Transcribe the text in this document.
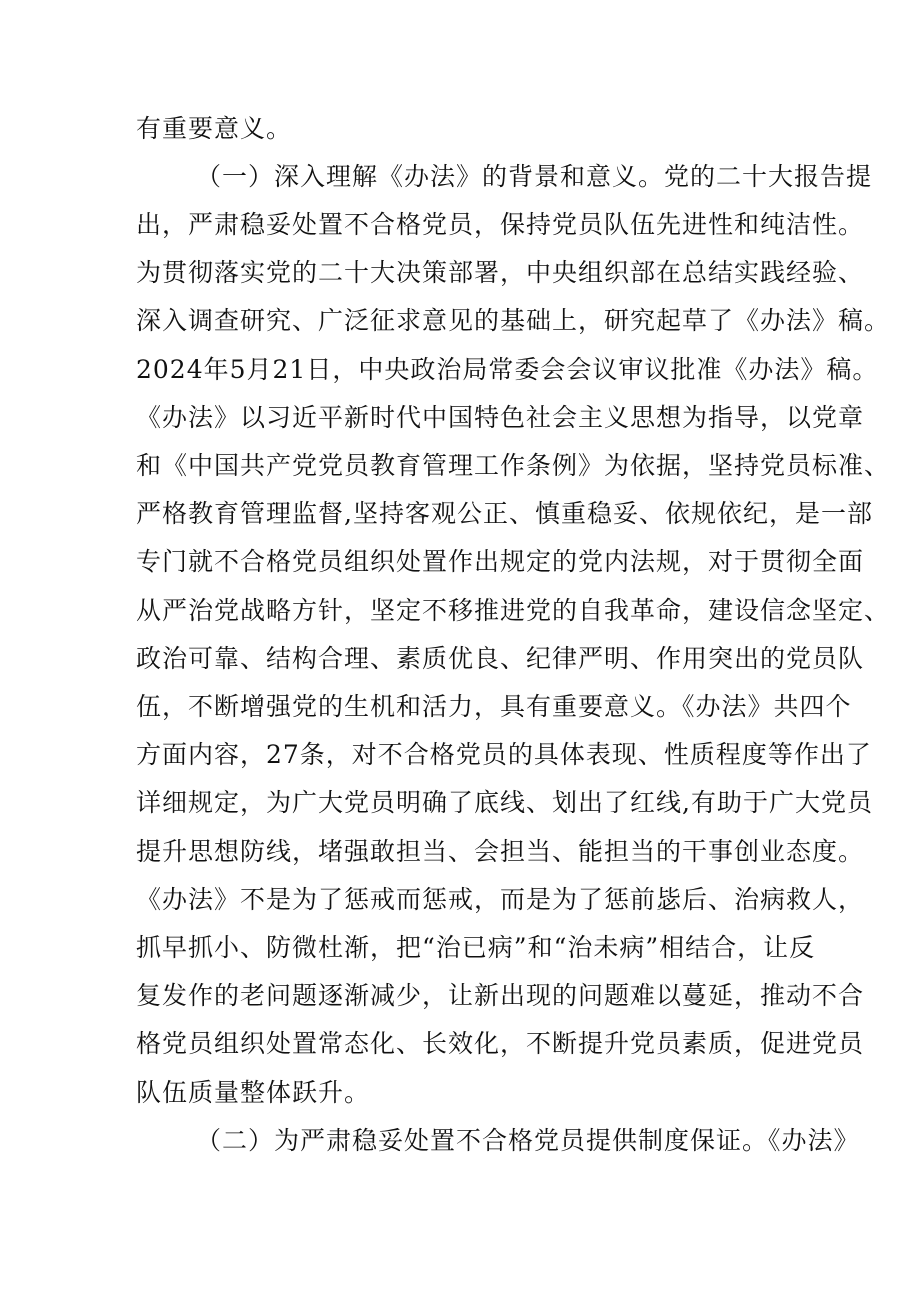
有重要意义。
（一）深入理解《办法》的背景和意义。党的二十大报告提
出，严肃稳妥处置不合格党员，保持党员队伍先进性和纯洁性。
为贯彻落实党的二十大决策部署，中央组织部在总结实践经验、
深入调查研究、广泛征求意见的基础上，研究起草了《办法》稿。
2024年5月21日，中央政治局常委会会议审议批准《办法》稿。
《办法》以习近平新时代中国特色社会主义思想为指导，以党章
和《中国共产党党员教育管理工作条例》为依据，坚持党员标准、
严格教育管理监督,坚持客观公正、慎重稳妥、依规依纪，是一部
专门就不合格党员组织处置作出规定的党内法规，对于贯彻全面
从严治党战略方针，坚定不移推进党的自我革命，建设信念坚定、
政治可靠、结构合理、素质优良、纪律严明、作用突出的党员队
伍，不断增强党的生机和活力，具有重要意义。《办法》共四个
方面内容，27条，对不合格党员的具体表现、性质程度等作出了
详细规定，为广大党员明确了底线、划出了红线,有助于广大党员
提升思想防线，堵强敢担当、会担当、能担当的干事创业态度。
《办法》不是为了惩戒而惩戒，而是为了惩前毖后、治病救人，
抓早抓小、防微杜渐，把“治已病”和“治未病”相结合，让反
复发作的老问题逐渐减少，让新出现的问题难以蔓延，推动不合
格党员组织处置常态化、长效化，不断提升党员素质，促进党员
队伍质量整体跃升。
（二）为严肃稳妥处置不合格党员提供制度保证。《办法》
